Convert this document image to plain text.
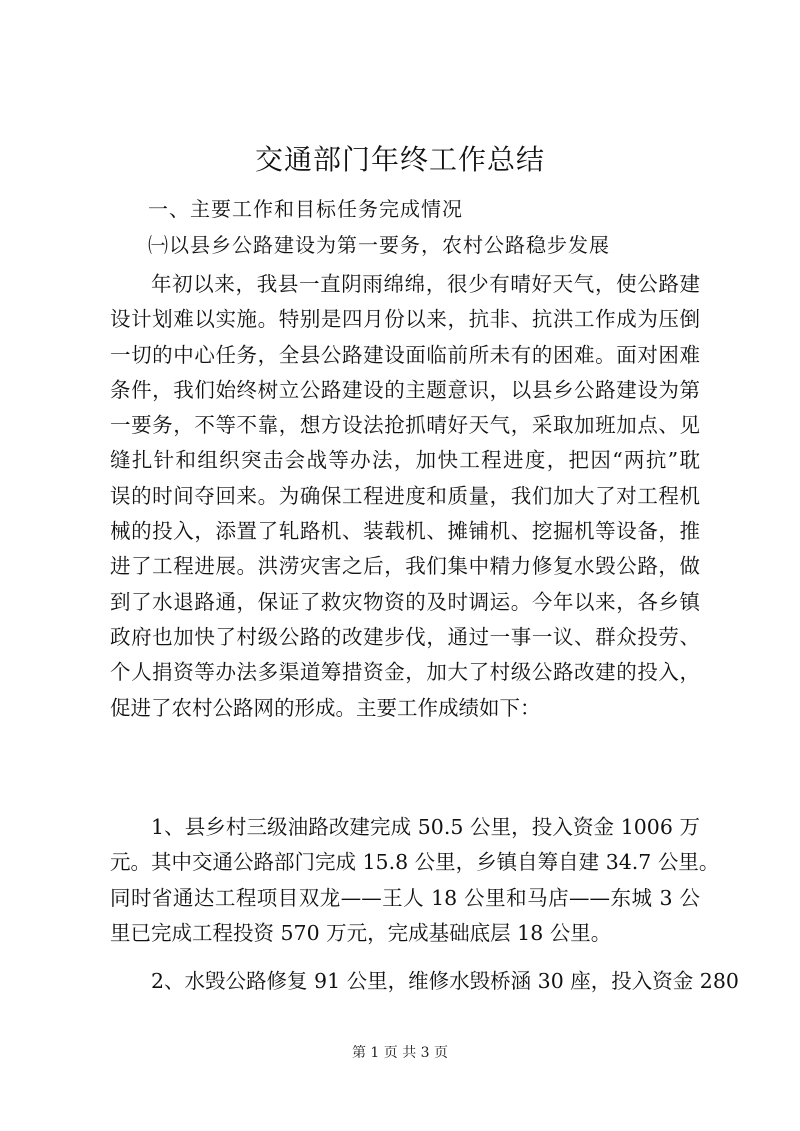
交通部门年终工作总结
一、主要工作和目标任务完成情况
㈠以县乡公路建设为第一要务，农村公路稳步发展
年初以来，我县一直阴雨绵绵，很少有晴好天气，使公路建
设计划难以实施。特别是四月份以来，抗非、抗洪工作成为压倒
一切的中心任务，全县公路建设面临前所未有的困难。面对困难
条件，我们始终树立公路建设的主题意识，以县乡公路建设为第
一要务，不等不靠，想方设法抢抓晴好天气，采取加班加点、见
缝扎针和组织突击会战等办法，加快工程进度，把因“两抗”耽
误的时间夺回来。为确保工程进度和质量，我们加大了对工程机
械的投入，添置了轧路机、装载机、摊铺机、挖掘机等设备，推
进了工程进展。洪涝灾害之后，我们集中精力修复水毁公路，做
到了水退路通，保证了救灾物资的及时调运。今年以来，各乡镇
政府也加快了村级公路的改建步伐，通过一事一议、群众投劳、
个人捐资等办法多渠道筹措资金，加大了村级公路改建的投入，
促进了农村公路网的形成。主要工作成绩如下：
1、县乡村三级油路改建完成 50.5 公里，投入资金 1006 万
元。其中交通公路部门完成 15.8 公里，乡镇自筹自建 34.7 公里。
同时省通达工程项目双龙——王人 18 公里和马店——东城 3 公
里已完成工程投资 570 万元，完成基础底层 18 公里。
2、水毁公路修复 91 公里，维修水毁桥涵 30 座，投入资金 280
第 1 页 共 3 页
